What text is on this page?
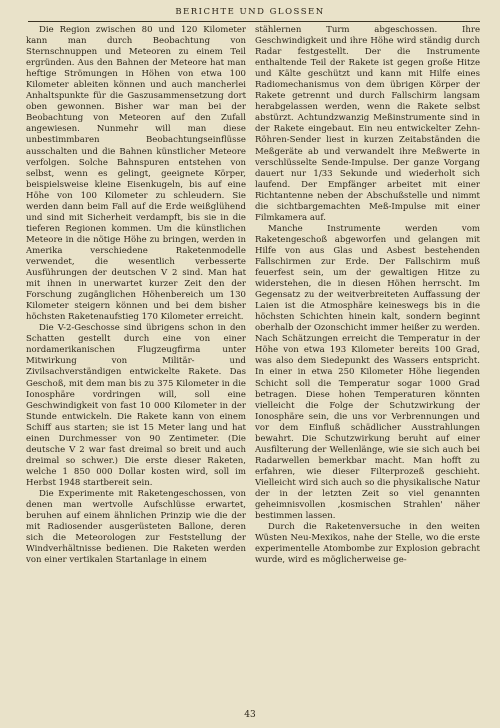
BERICHTE UND GLOSSEN

Die Region zwischen 80 und 120 Kilometer kann man durch Beobachtung von Sternschnuppen und Meteoren zu einem Teil ergründen. Aus den Bahnen der Meteore hat man heftige Strömungen in Höhen von etwa 100 Kilometer ableiten können und auch mancherlei Anhaltspunkte für die Gaszusammensetzung dort oben gewonnen. Bisher war man bei der Beobachtung von Meteoren auf den Zufall angewiesen. Nunmehr will man diese unbestimmbaren Beobachtungseinflüsse ausschalten und die Bahnen künstlicher Meteore verfolgen. Solche Bahnspuren entstehen von selbst, wenn es gelingt, geeignete Körper, beispielsweise kleine Eisenkugeln, bis auf eine Höhe von 100 Kilometer zu schleudern. Sie werden dann beim Fall auf die Erde weißglühend und sind mit Sicherheit verdampft, bis sie in die tieferen Regionen kommen. Um die künstlichen Meteore in die nötige Höhe zu bringen, werden in Amerika verschiedene Raketenmodelle verwendet, die wesentlich verbesserte Ausführungen der deutschen V 2 sind. Man hat mit ihnen in unerwartet kurzer Zeit den der Forschung zugänglichen Höhenbereich um 130 Kilometer steigern können und bei dem bisher höchsten Raketenaufstieg 170 Kilometer erreicht.

Die V-2-Geschosse sind übrigens schon in den Schatten gestellt durch eine von einer nordamerikanischen Flugzeugfirma unter Mitwirkung von Militär- und Zivilsachverständigen entwickelte Rakete. Das Geschoß, mit dem man bis zu 375 Kilometer in die Ionosphäre vordringen will, soll eine Geschwindigkeit von fast 10 000 Kilometer in der Stunde entwickeln. Die Rakete kann von einem Schiff aus starten; sie ist 15 Meter lang und hat einen Durchmesser von 90 Zentimeter. (Die deutsche V 2 war fast dreimal so breit und auch dreimal so schwer.) Die erste dieser Raketen, welche 1 850 000 Dollar kosten wird, soll im Herbst 1948 startbereit sein.

Die Experimente mit Raketengeschossen, von denen man wertvolle Aufschlüsse erwartet, beruhen auf einem ähnlichen Prinzip wie die der mit Radiosender ausgerüsteten Ballone, deren sich die Meteorologen zur Feststellung der Windverhältnisse bedienen. Die Raketen werden von einer vertikalen Startanlage in einem

stählernen Turm abgeschossen. Ihre Geschwindigkeit und ihre Höhe wird ständig durch Radar festgestellt. Der die Instrumente enthaltende Teil der Rakete ist gegen große Hitze und Kälte geschützt und kann mit Hilfe eines Radiomechanismus von dem übrigen Körper der Rakete getrennt und durch Fallschirm langsam herabgelassen werden, wenn die Rakete selbst abstürzt. Achtundzwanzig Meßinstrumente sind in der Rakete eingebaut. Ein neu entwickelter Zehn-Röhren-Sender liest in kurzen Zeitabständen die Meßgeräte ab und verwandelt ihre Meßwerte in verschlüsselte Sende-Impulse. Der ganze Vorgang dauert nur 1/33 Sekunde und wiederholt sich laufend. Der Empfänger arbeitet mit einer Richtantenne neben der Abschußstelle und nimmt die sichtbargemachten Meß-Impulse mit einer Filmkamera auf.

Manche Instrumente werden vom Raketengeschoß abgeworfen und gelangen mit Hilfe von aus Glas und Asbest bestehenden Fallschirmen zur Erde. Der Fallschirm muß feuerfest sein, um der gewaltigen Hitze zu widerstehen, die in diesen Höhen herrscht. Im Gegensatz zu der weitverbreiteten Auffassung der Laien ist die Atmosphäre keineswegs bis in die höchsten Schichten hinein kalt, sondern beginnt oberhalb der Ozonschicht immer heißer zu werden. Nach Schätzungen erreicht die Temperatur in der Höhe von etwa 193 Kilometer bereits 100 Grad, was also dem Siedepunkt des Wassers entspricht. In einer in etwa 250 Kilometer Höhe liegenden Schicht soll die Temperatur sogar 1000 Grad betragen. Diese hohen Temperaturen könnten vielleicht die Folge der Schutzwirkung der Ionosphäre sein, die uns vor Verbrennungen und vor dem Einfluß schädlicher Ausstrahlungen bewahrt. Die Schutzwirkung beruht auf einer Ausfilterung der Wellenlänge, wie sie sich auch bei Radarwellen bemerkbar macht. Man hofft zu erfahren, wie dieser Filterprozeß geschieht. Vielleicht wird sich auch so die physikalische Natur der in der letzten Zeit so viel genannten geheimnisvollen ‚kosmischen Strahlen' näher bestimmen lassen.

Durch die Raketenversuche in den weiten Wüsten Neu-Mexikos, nahe der Stelle, wo die erste experimentelle Atombombe zur Explosion gebracht wurde, wird es möglicherweise ge-

43
